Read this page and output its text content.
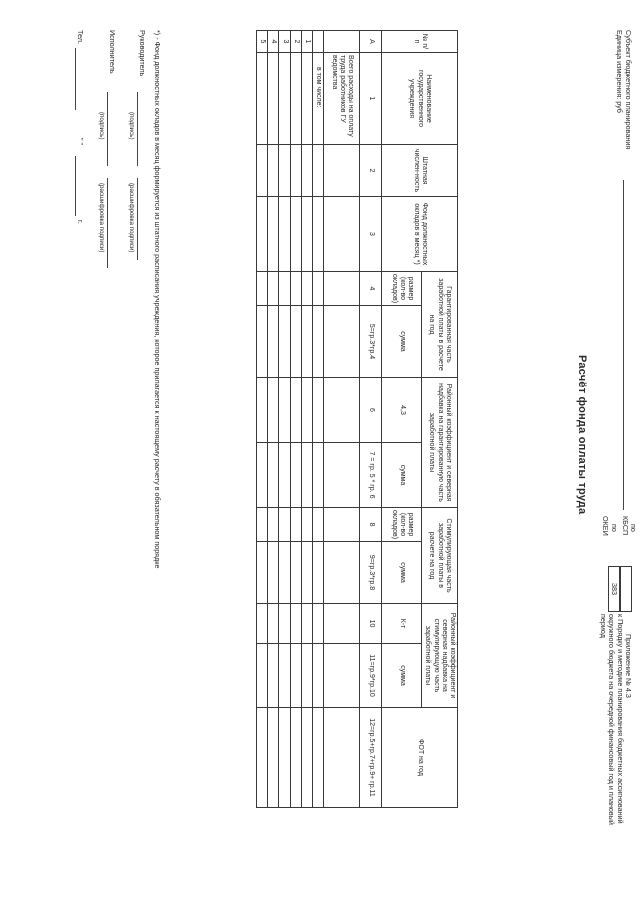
Приложение № 4.3
к Порядку и методике планирования бюджетных ассигнований
окружного бюджета на очередной финансовый год и плановый
период
Субъект бюджетного планирования
Единица измерения: руб
по
КБСП
по
ОКЕИ
383
Расчёт фонда оплаты труда
№ п/п	Наименование государственного учреждения	Штатная числен-ность	Фонд должностных окладов в месяц *)	Гарантированная часть заработной платы в расчете на год		Районный коэффициент и северная надбавка на гарантированную часть заработной платы		Стимулирующая часть заработной платы в расчете на год		Районный коэффициент и северная надбавка на стимулирующую часть заработной платы		ФОТ на год
				размер (кол-во окладов)	сумма	4,3	сумма	размер (кол-во окладов)	сумма	К-т	сумма	
А	1	2	3	4	5=гр.3*гр.4	6	7 = гр. 5 * гр. 6	8	9=гр.3*гр.8	10	11=гр.9*гр.10	12=гр.5+гр.7+гр.9+ гр.11
	Всего расходы на оплату труда работников ГУ ведомства											
	в том числе:											
1												
2												
3												
4												
5												
*) - Фонд должностных окладов в месяц формируется из штатного расписания учреждения, которое прилагается к настоящему расчету в обязательном порядке
Руководитель
(подпись)
(расшифровка подписи)
Исполнитель
(подпись)
(расшифровка подписи)
Тел.
" "
г.
